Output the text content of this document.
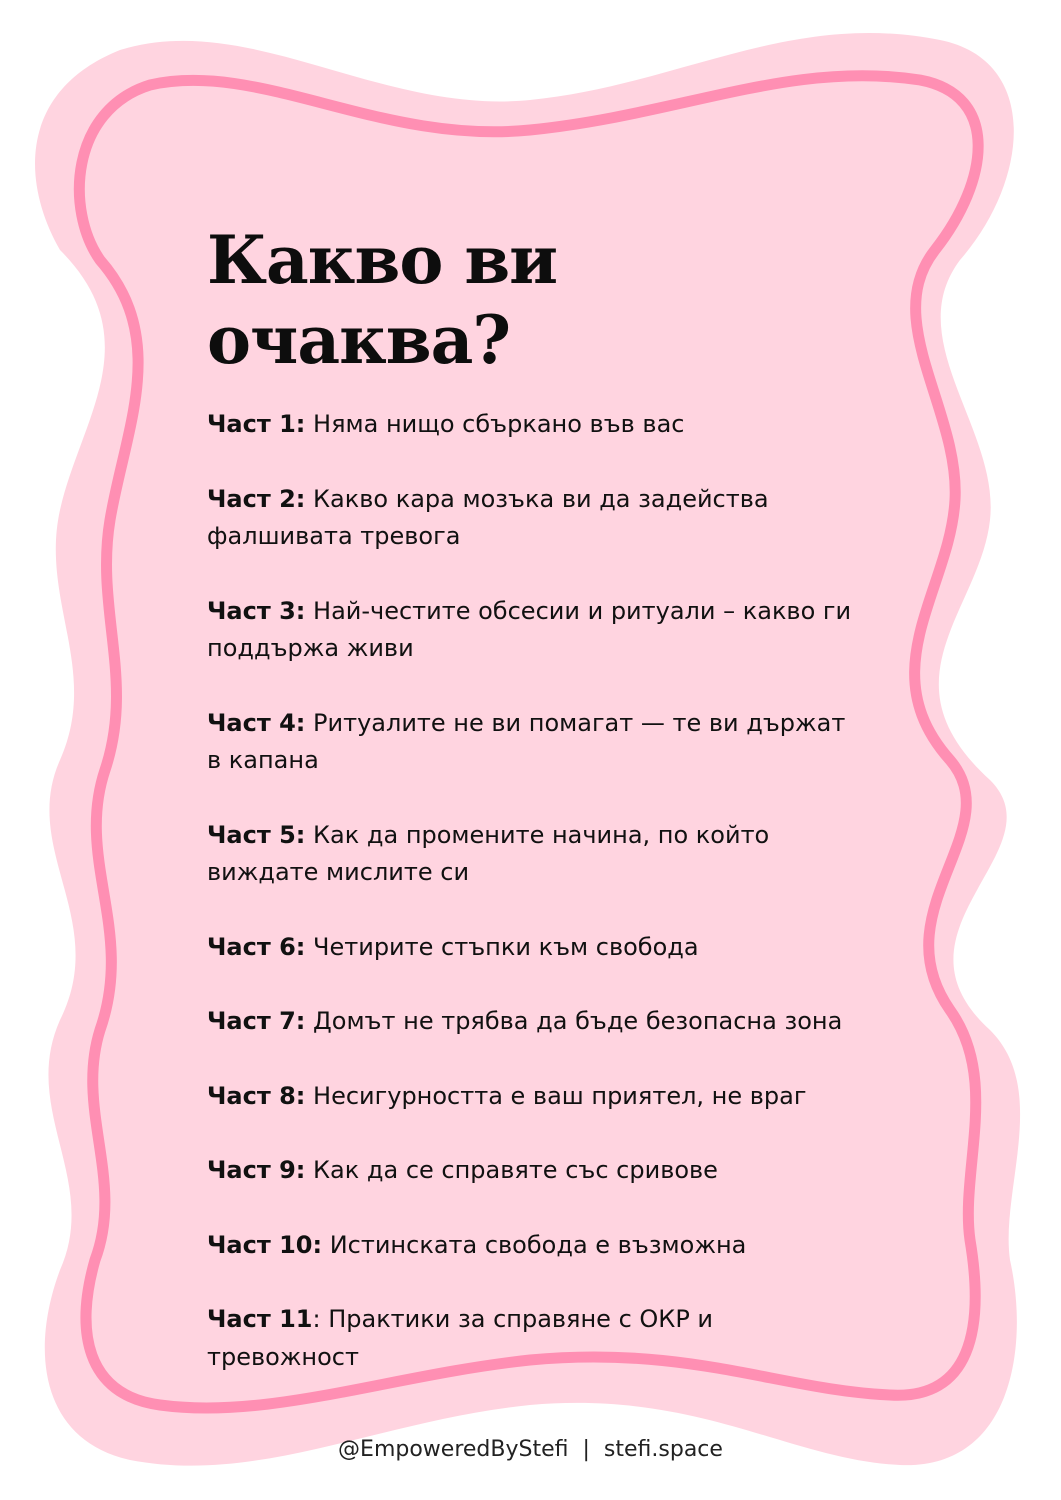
Какво ви очаква?
Част 1: Няма нищо сбъркано във вас
Част 2: Какво кара мозъка ви да задейства фалшивата тревога
Част 3: Най-честите обсесии и ритуали – какво ги поддържа живи
Част 4: Ритуалите не ви помагат — те ви държат в капана
Част 5: Как да промените начина, по който виждате мислите си
Част 6: Четирите стъпки към свобода
Част 7: Домът не трябва да бъде безопасна зона
Част 8: Несигурността е ваш приятел, не враг
Част 9: Как да се справяте със сривове
Част 10: Истинската свобода е възможна
Част 11: Практики за справяне с ОКР и тревожност
@EmpoweredByStefi | stefi.space
